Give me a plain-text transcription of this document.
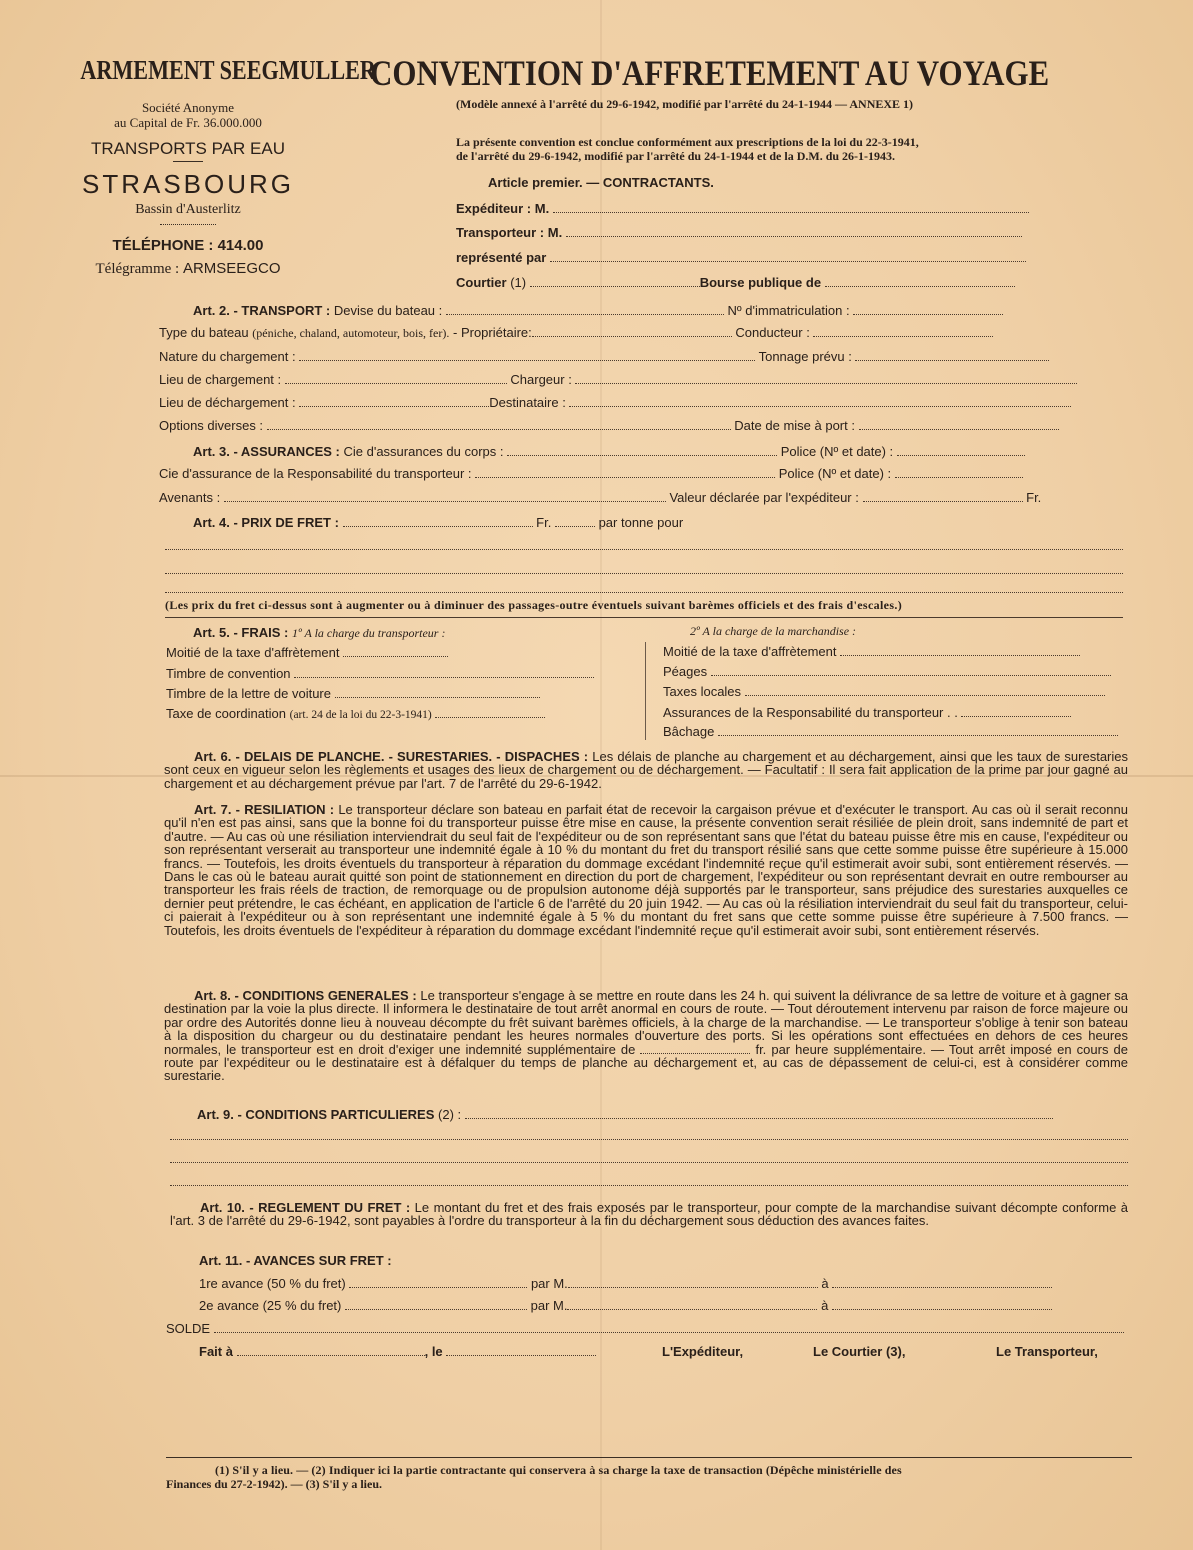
ARMEMENT SEEGMULLER
Société Anonyme
au Capital de Fr. 36.000.000
TRANSPORTS PAR EAU
STRASBOURG
Bassin d'Austerlitz
TÉLÉPHONE : 414.00
Télégramme : ARMSEEGCO
CONVENTION D'AFFRETEMENT AU VOYAGE
(Modèle annexé à l'arrêté du 29-6-1942, modifié par l'arrêté du 24-1-1944 — ANNEXE 1)
La présente convention est conclue conformément aux prescriptions de la loi du 22-3-1941,
de l'arrêté du 29-6-1942, modifié par l'arrêté du 24-1-1944 et de la D.M. du 26-1-1943.
Article premier. — CONTRACTANTS.
Expéditeur : M.
Transporteur : M.
représenté par
Courtier (1)	Bourse publique de
Art. 2. - TRANSPORT : Devise du bateau :	Nº d'immatriculation :
Type du bateau (péniche, chaland, automoteur, bois, fer). - Propriétaire:	Conducteur :
Nature du chargement :	Tonnage prévu :
Lieu de chargement :	Chargeur :
Lieu de déchargement :	Destinataire :
Options diverses :	Date de mise à port :
Art. 3. - ASSURANCES : Cie d'assurances du corps :	Police (Nº et date) :
Cie d'assurance de la Responsabilité du transporteur :	Police (Nº et date) :
Avenants :	Valeur déclarée par l'expéditeur :	Fr.
Art. 4. - PRIX DE FRET :	Fr.	par tonne pour
(Les prix du fret ci-dessus sont à augmenter ou à diminuer des passages-outre éventuels suivant barèmes officiels et des frais d'escales.)
Art. 5. - FRAIS : 1º A la charge du transporteur :	2º A la charge de la marchandise :
Moitié de la taxe d'affrètement
Timbre de convention
Timbre de la lettre de voiture
Taxe de coordination (art. 24 de la loi du 22-3-1941)
Moitié de la taxe d'affrètement
Péages
Taxes locales
Assurances de la Responsabilité du transporteur . .
Bâchage
Art. 6. - DELAIS DE PLANCHE. - SURESTARIES. - DISPACHES : Les délais de planche au chargement et au déchargement, ainsi que les taux de surestaries sont ceux en vigueur selon les règlements et usages des lieux de chargement ou de déchargement. — Facultatif : Il sera fait application de la prime par jour gagné au chargement et au déchargement prévue par l'art. 7 de l'arrêté du 29-6-1942.
Art. 7. - RESILIATION : Le transporteur déclare son bateau en parfait état de recevoir la cargaison prévue et d'exécuter le transport. Au cas où il serait reconnu qu'il n'en est pas ainsi, sans que la bonne foi du transporteur puisse être mise en cause, la présente convention serait résiliée de plein droit, sans indemnité de part et d'autre. — Au cas où une résiliation interviendrait du seul fait de l'expéditeur ou de son représentant sans que l'état du bateau puisse être mis en cause, l'expéditeur ou son représentant verserait au transporteur une indemnité égale à 10 % du montant du fret du transport résilié sans que cette somme puisse être supérieure à 15.000 francs. — Toutefois, les droits éventuels du transporteur à réparation du dommage excédant l'indemnité reçue qu'il estimerait avoir subi, sont entièrement réservés. — Dans le cas où le bateau aurait quitté son point de stationnement en direction du port de chargement, l'expéditeur ou son représentant devrait en outre rembourser au transporteur les frais réels de traction, de remorquage ou de propulsion autonome déjà supportés par le transporteur, sans préjudice des surestaries auxquelles ce dernier peut prétendre, le cas échéant, en application de l'article 6 de l'arrêté du 20 juin 1942. — Au cas où la résiliation interviendrait du seul fait du transporteur, celui-ci paierait à l'expéditeur ou à son représentant une indemnité égale à 5 % du montant du fret sans que cette somme puisse être supérieure à 7.500 francs. — Toutefois, les droits éventuels de l'expéditeur à réparation du dommage excédant l'indemnité reçue qu'il estimerait avoir subi, sont entièrement réservés.
Art. 8. - CONDITIONS GENERALES : Le transporteur s'engage à se mettre en route dans les 24 h. qui suivent la délivrance de sa lettre de voiture et à gagner sa destination par la voie la plus directe. Il informera le destinataire de tout arrêt anormal en cours de route. — Tout déroutement intervenu par raison de force majeure ou par ordre des Autorités donne lieu à nouveau décompte du frêt suivant barèmes officiels, à la charge de la marchandise. — Le transporteur s'oblige à tenir son bateau à la disposition du chargeur ou du destinataire pendant les heures normales d'ouverture des ports. Si les opérations sont effectuées en dehors de ces heures normales, le transporteur est en droit d'exiger une indemnité supplémentaire de	fr. par heure supplémentaire. — Tout arrêt imposé en cours de route par l'expéditeur ou le destinataire est à défalquer du temps de planche au déchargement et, au cas de dépassement de celui-ci, est à considérer comme surestarie.
Art. 9. - CONDITIONS PARTICULIERES (2) :
Art. 10. - REGLEMENT DU FRET : Le montant du fret et des frais exposés par le transporteur, pour compte de la marchandise suivant décompte conforme à l'art. 3 de l'arrêté du 29-6-1942, sont payables à l'ordre du transporteur à la fin du déchargement sous déduction des avances faites.
Art. 11. - AVANCES SUR FRET :
1re avance (50 % du fret)	par M.	à
2e avance (25 % du fret)	par M.	à
SOLDE
Fait à	, le	L'Expéditeur,	Le Courtier (3),	Le Transporteur,
(1) S'il y a lieu. — (2) Indiquer ici la partie contractante qui conservera à sa charge la taxe de transaction (Dépêche ministérielle des
Finances du 27-2-1942). — (3) S'il y a lieu.
